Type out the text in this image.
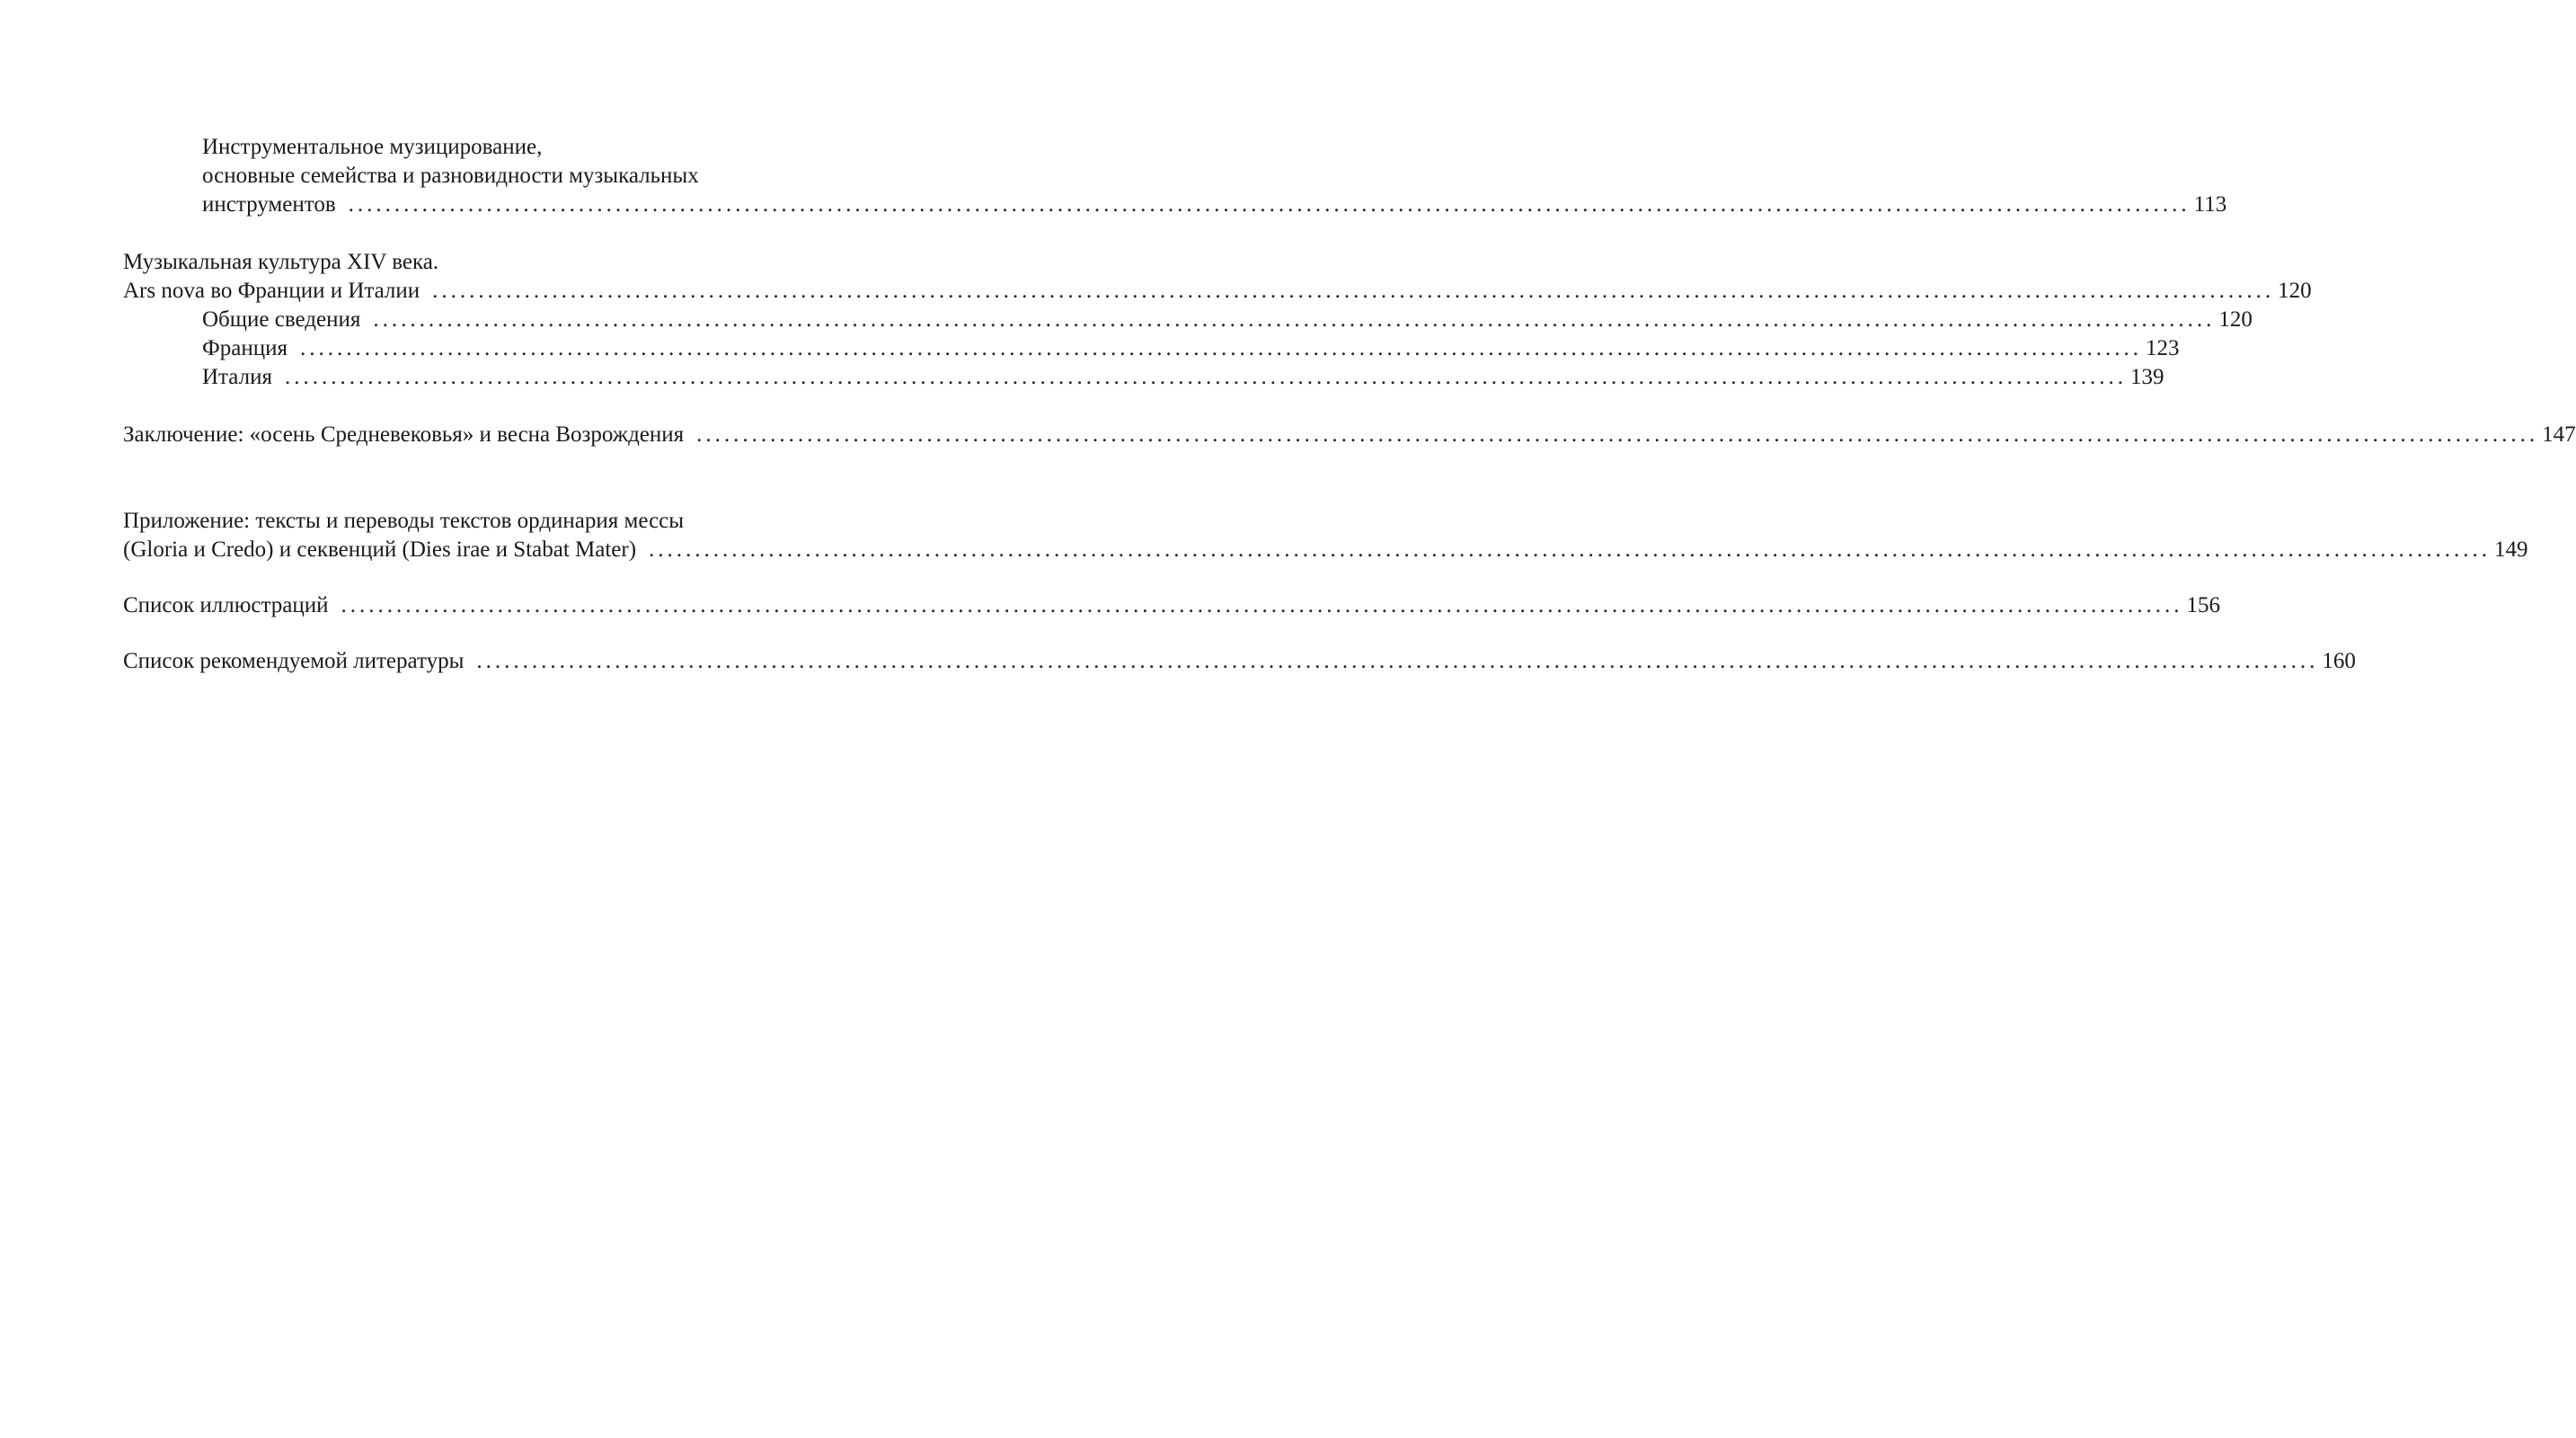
Инструментальное музицирование,
основные семейства и разновидности музыкальных
инструментов ........................................................................................................................................................................................................ 113
Музыкальная культура XIV века.
Ars nova во Франции и Италии ........................................................................................................................................................................................................ 120
Общие сведения ........................................................................................................................................................................................................ 120
Франция ........................................................................................................................................................................................................ 123
Италия ........................................................................................................................................................................................................ 139
Заключение: «осень Средневековья» и весна Возрождения ........................................................................................................................................................................................................ 147
Приложение: тексты и переводы текстов ординария мессы
(Gloria и Credo) и секвенций (Dies irae и Stabat Mater) ........................................................................................................................................................................................................ 149
Список иллюстраций ........................................................................................................................................................................................................ 156
Список рекомендуемой литературы ........................................................................................................................................................................................................ 160
